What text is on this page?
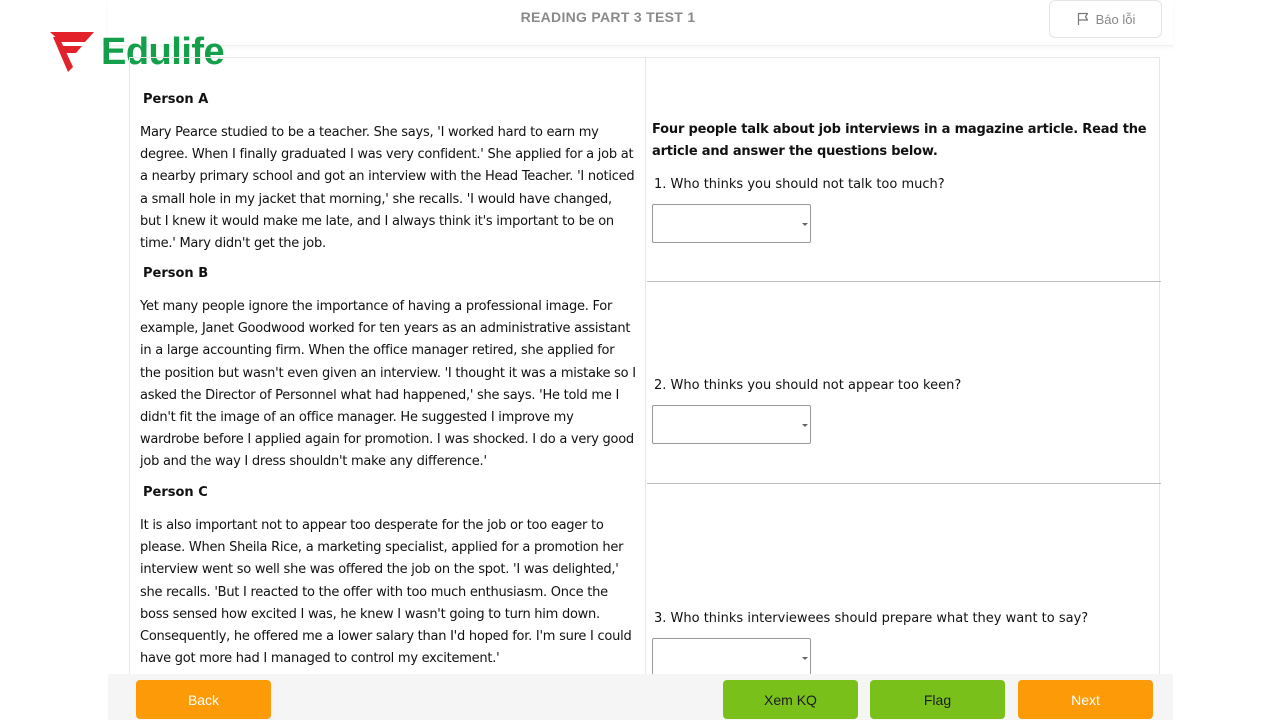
READING PART 3 TEST 1	Báo lỗi
Edulife
Person A
Mary Pearce studied to be a teacher. She says, 'I worked hard to earn my degree. When I finally graduated I was very confident.' She applied for a job at a nearby primary school and got an interview with the Head Teacher. 'I noticed a small hole in my jacket that morning,' she recalls. 'I would have changed, but I knew it would make me late, and I always think it's important to be on time.' Mary didn't get the job.
Person B
Yet many people ignore the importance of having a professional image. For example, Janet Goodwood worked for ten years as an administrative assistant in a large accounting firm. When the office manager retired, she applied for the position but wasn't even given an interview. 'I thought it was a mistake so I asked the Director of Personnel what had happened,' she says. 'He told me I didn't fit the image of an office manager. He suggested I improve my wardrobe before I applied again for promotion. I was shocked. I do a very good job and the way I dress shouldn't make any difference.'
Person C
It is also important not to appear too desperate for the job or too eager to please. When Sheila Rice, a marketing specialist, applied for a promotion her interview went so well she was offered the job on the spot. 'I was delighted,' she recalls. 'But I reacted to the offer with too much enthusiasm. Once the boss sensed how excited I was, he knew I wasn't going to turn him down. Consequently, he offered me a lower salary than I'd hoped for. I'm sure I could have got more had I managed to control my excitement.'
Four people talk about job interviews in a magazine article. Read the article and answer the questions below.
1. Who thinks you should not talk too much?
2. Who thinks you should not appear too keen?
3. Who thinks interviewees should prepare what they want to say?
Back	Xem KQ	Flag	Next
